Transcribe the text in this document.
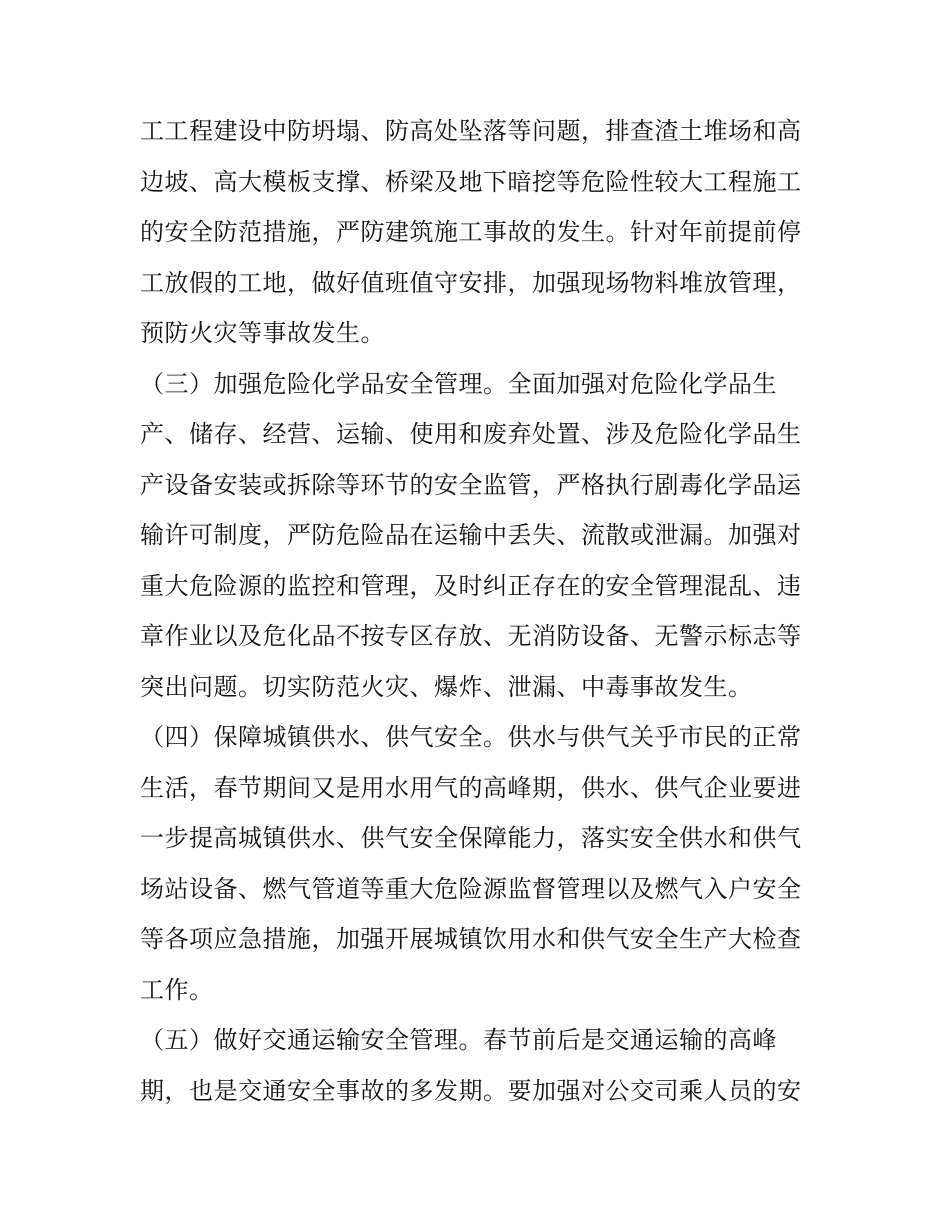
工工程建设中防坍塌、防高处坠落等问题，排查渣土堆场和高
边坡、高大模板支撑、桥梁及地下暗挖等危险性较大工程施工
的安全防范措施，严防建筑施工事故的发生。针对年前提前停
工放假的工地，做好值班值守安排，加强现场物料堆放管理，
预防火灾等事故发生。
（三）加强危险化学品安全管理。全面加强对危险化学品生
产、储存、经营、运输、使用和废弃处置、涉及危险化学品生
产设备安装或拆除等环节的安全监管，严格执行剧毒化学品运
输许可制度，严防危险品在运输中丢失、流散或泄漏。加强对
重大危险源的监控和管理，及时纠正存在的安全管理混乱、违
章作业以及危化品不按专区存放、无消防设备、无警示标志等
突出问题。切实防范火灾、爆炸、泄漏、中毒事故发生。
（四）保障城镇供水、供气安全。供水与供气关乎市民的正常
生活，春节期间又是用水用气的高峰期，供水、供气企业要进
一步提高城镇供水、供气安全保障能力，落实安全供水和供气
场站设备、燃气管道等重大危险源监督管理以及燃气入户安全
等各项应急措施，加强开展城镇饮用水和供气安全生产大检查
工作。
（五）做好交通运输安全管理。春节前后是交通运输的高峰
期，也是交通安全事故的多发期。要加强对公交司乘人员的安
